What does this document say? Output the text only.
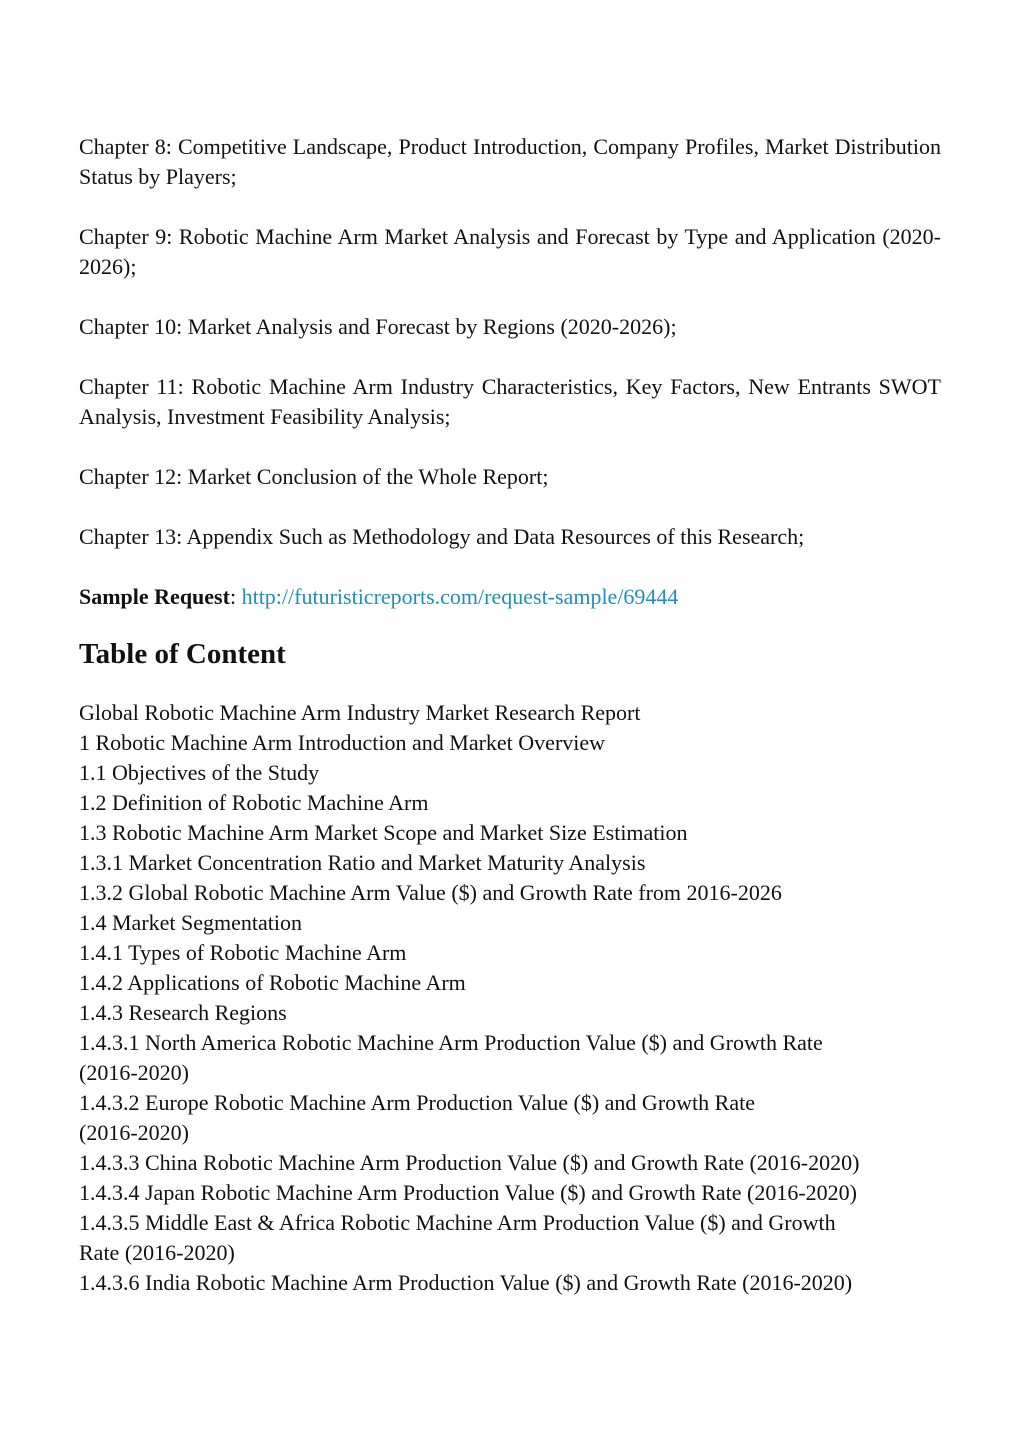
Chapter 8: Competitive Landscape, Product Introduction, Company Profiles, Market Distribution Status by Players;

Chapter 9: Robotic Machine Arm Market Analysis and Forecast by Type and Application (2020-2026);

Chapter 10: Market Analysis and Forecast by Regions (2020-2026);

Chapter 11: Robotic Machine Arm Industry Characteristics, Key Factors, New Entrants SWOT Analysis, Investment Feasibility Analysis;

Chapter 12: Market Conclusion of the Whole Report;

Chapter 13: Appendix Such as Methodology and Data Resources of this Research;

Sample Request: http://futuristicreports.com/request-sample/69444

Table of Content

Global Robotic Machine Arm Industry Market Research Report

1 Robotic Machine Arm Introduction and Market Overview

1.1 Objectives of the Study

1.2 Definition of Robotic Machine Arm

1.3 Robotic Machine Arm Market Scope and Market Size Estimation

1.3.1 Market Concentration Ratio and Market Maturity Analysis

1.3.2 Global Robotic Machine Arm Value ($) and Growth Rate from 2016-2026

1.4 Market Segmentation

1.4.1 Types of Robotic Machine Arm

1.4.2 Applications of Robotic Machine Arm

1.4.3 Research Regions

1.4.3.1 North America Robotic Machine Arm Production Value ($) and Growth Rate

(2016-2020)

1.4.3.2 Europe Robotic Machine Arm Production Value ($) and Growth Rate

(2016-2020)

1.4.3.3 China Robotic Machine Arm Production Value ($) and Growth Rate (2016-2020)

1.4.3.4 Japan Robotic Machine Arm Production Value ($) and Growth Rate (2016-2020)

1.4.3.5 Middle East & Africa Robotic Machine Arm Production Value ($) and Growth

Rate (2016-2020)

1.4.3.6 India Robotic Machine Arm Production Value ($) and Growth Rate (2016-2020)
